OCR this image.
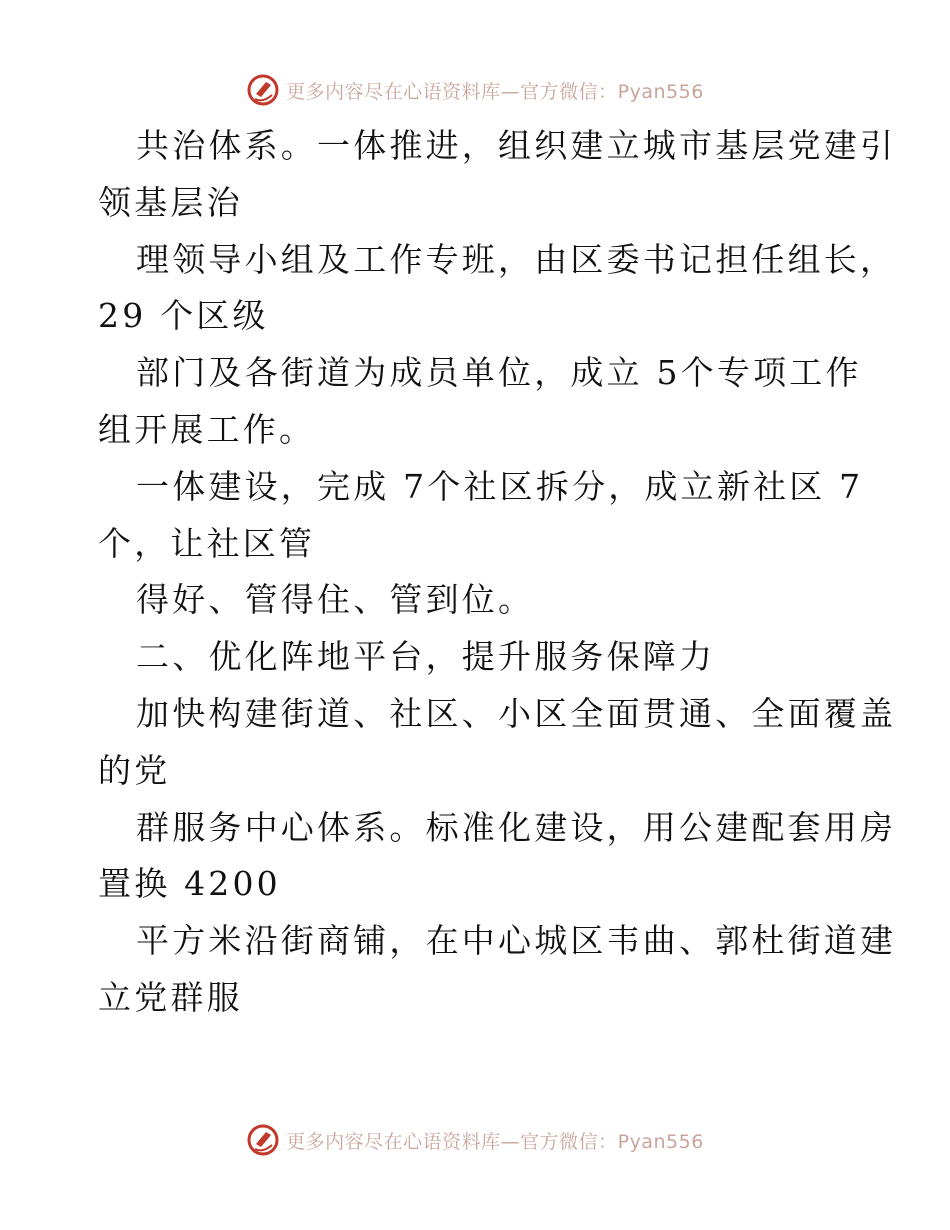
更多内容尽在心语资料库—官方微信：Pyan556
共治体系。一体推进，组织建立城市基层党建引
领基层治
理领导小组及工作专班，由区委书记担任组长，
29 个区级
部门及各街道为成员单位，成立 5个专项工作
组开展工作。
一体建设，完成 7个社区拆分，成立新社区 7
个，让社区管
得好、管得住、管到位。
二、优化阵地平台，提升服务保障力
加快构建街道、社区、小区全面贯通、全面覆盖
的党
群服务中心体系。标准化建设，用公建配套用房
置换 4200
平方米沿街商铺，在中心城区韦曲、郭杜街道建
立党群服
更多内容尽在心语资料库—官方微信：Pyan556
